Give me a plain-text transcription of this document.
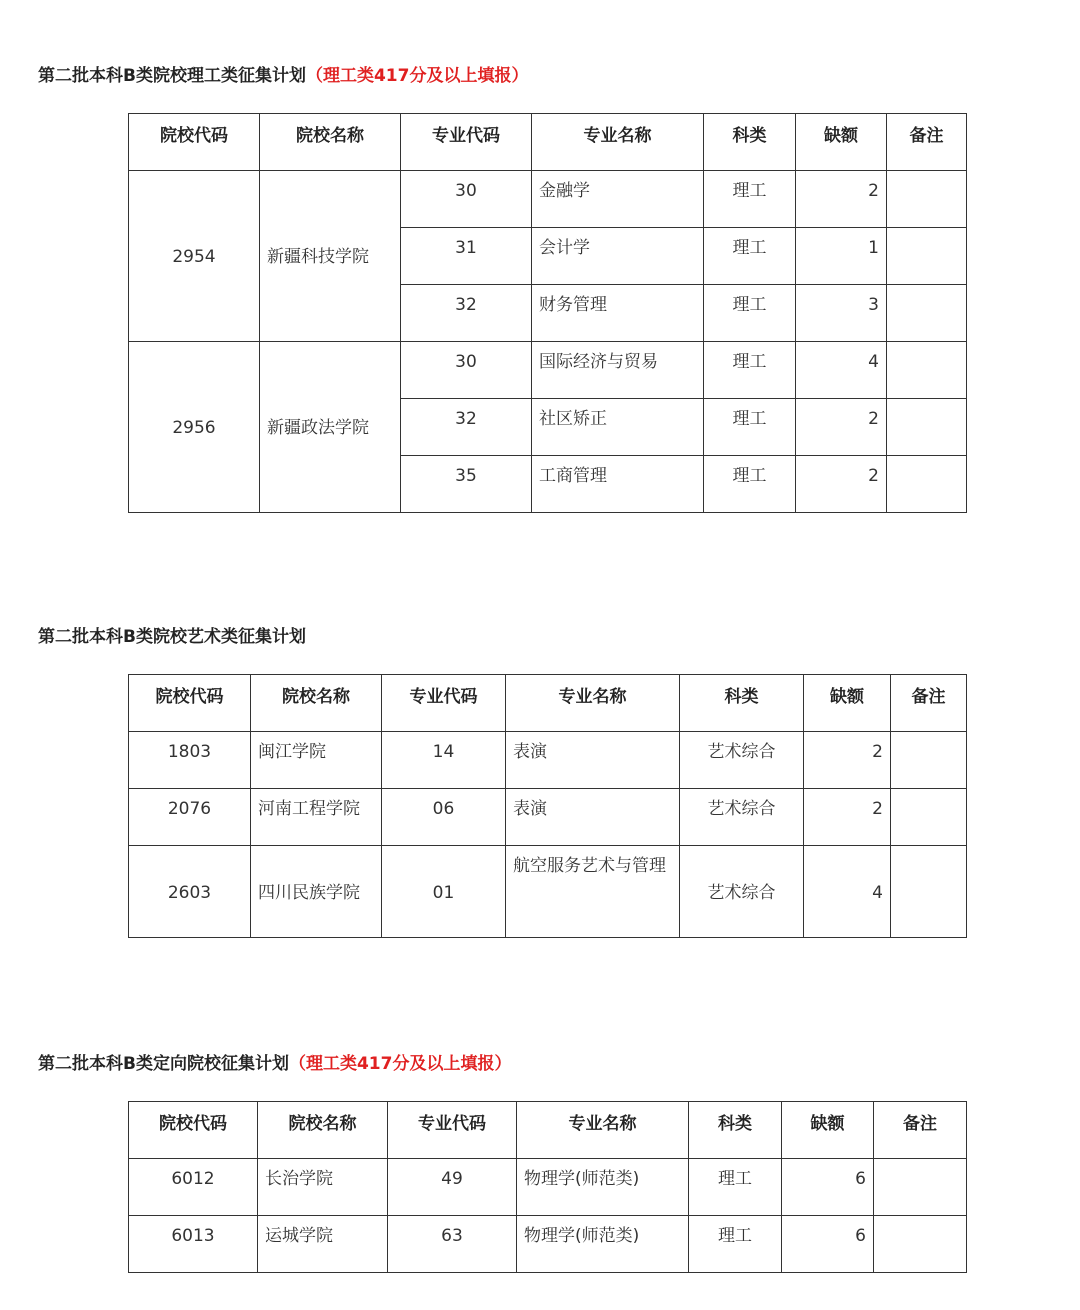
第二批本科B类院校理工类征集计划（理工类417分及以上填报）
院校代码	院校名称	专业代码	专业名称	科类	缺额	备注
2954	新疆科技学院	30	金融学	理工	2	
		31	会计学	理工	1	
		32	财务管理	理工	3	
2956	新疆政法学院	30	国际经济与贸易	理工	4	
		32	社区矫正	理工	2	
		35	工商管理	理工	2	
第二批本科B类院校艺术类征集计划
院校代码	院校名称	专业代码	专业名称	科类	缺额	备注
1803	闽江学院	14	表演	艺术综合	2	
2076	河南工程学院	06	表演	艺术综合	2	
2603	四川民族学院	01	航空服务艺术与管理	艺术综合	4	
第二批本科B类定向院校征集计划（理工类417分及以上填报）
院校代码	院校名称	专业代码	专业名称	科类	缺额	备注
6012	长治学院	49	物理学(师范类)	理工	6	
6013	运城学院	63	物理学(师范类)	理工	6	
